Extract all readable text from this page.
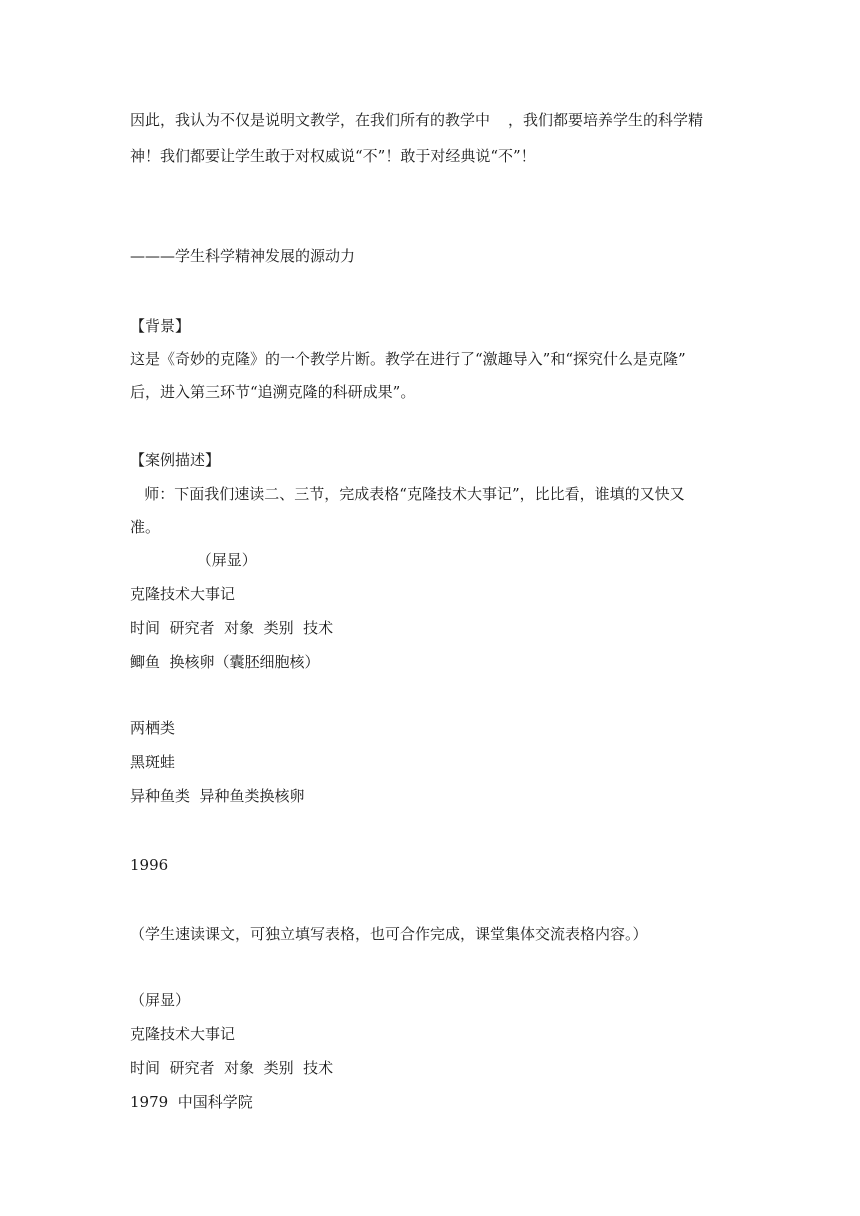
因此，我认为不仅是说明文教学，在我们所有的教学中 ，我们都要培养学生的科学精
神！我们都要让学生敢于对权威说“不”！敢于对经典说“不”！
———学生科学精神发展的源动力
【背景】
这是《奇妙的克隆》的一个教学片断。教学在进行了“激趣导入”和“探究什么是克隆”
后，进入第三环节“追溯克隆的科研成果”。
【案例描述】
师：下面我们速读二、三节，完成表格“克隆技术大事记”，比比看，谁填的又快又
准。
（屏显）
克隆技术大事记
时间  研究者  对象  类别  技术
鲫鱼  换核卵（囊胚细胞核）
两栖类
黑斑蛙
异种鱼类  异种鱼类换核卵
1996
（学生速读课文，可独立填写表格，也可合作完成，课堂集体交流表格内容。）
（屏显）
克隆技术大事记
时间  研究者  对象  类别  技术
1979  中国科学院
